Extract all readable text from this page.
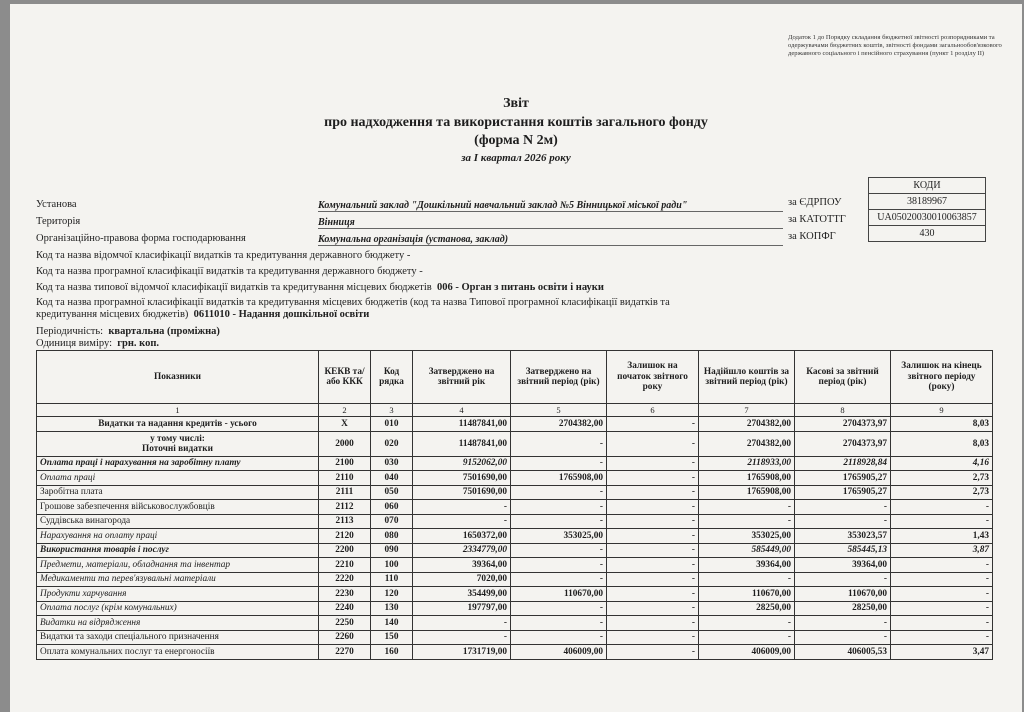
Додаток 1 до Порядку складання бюджетної звітності розпорядниками та одержувачами бюджетних коштів, звітності фондами загальнообов'язкового державного соціального і пенсійного страхування (пункт 1 розділу II)
Звіт
про надходження та використання коштів загального фонду
(форма N 2м)
за I квартал 2026 року
КОДИ
38189967
UA05020030010063857
430
за ЄДРПОУ
за КАТОТТГ
за КОПФГ
Установа	Комунальний заклад "Дошкільний навчальний заклад №5 Вінницької міської ради"
Територія	Вінниця
Організаційно-правова форма господарювання	Комунальна організація (установа, заклад)
Код та назва відомчої класифікації видатків та кредитування державного бюджету -
Код та назва програмної класифікації видатків та кредитування державного бюджету -
Код та назва типової відомчої класифікації видатків та кредитування місцевих бюджетів 006 - Орган з питань освіти і науки
Код та назва програмної класифікації видатків та кредитування місцевих бюджетів (код та назва Типової програмної класифікації видатків та
кредитування місцевих бюджетів) 0611010 - Надання дошкільної освіти
Періодичність: квартальна (проміжна)
Одиниця виміру: грн. коп.
Показники	КЕКВ та/або ККК	Код рядка	Затверджено на звітний рік	Затверджено на звітний період (рік)	Залишок на початок звітного року	Надійшло коштів за звітний період (рік)	Касові за звітний період (рік)	Залишок на кінець звітного періоду (року)
1	2	3	4	5	6	7	8	9
Видатки та надання кредитів - усього	X	010	11487841,00	2704382,00	-	2704382,00	2704373,97	8,03

у тому числі:
Поточні видатки	2000	020	11487841,00	-	-	2704382,00	2704373,97	8,03
Оплата праці і нарахування на заробітну плату	2100	030	9152062,00	-	-	2118933,00	2118928,84	4,16
Оплата праці	2110	040	7501690,00	1765908,00	-	1765908,00	1765905,27	2,73
Заробітна плата	2111	050	7501690,00	-	-	1765908,00	1765905,27	2,73
Грошове забезпечення військовослужбовців	2112	060	-	-	-	-	-	-
Суддівська винагорода	2113	070	-	-	-	-	-	-
Нарахування на оплату праці	2120	080	1650372,00	353025,00	-	353025,00	353023,57	1,43
Використання товарів і послуг	2200	090	2334779,00	-	-	585449,00	585445,13	3,87
Предмети, матеріали, обладнання та інвентар	2210	100	39364,00	-	-	39364,00	39364,00	-
Медикаменти та перев'язувальні матеріали	2220	110	7020,00	-	-	-	-	-
Продукти харчування	2230	120	354499,00	110670,00	-	110670,00	110670,00	-
Оплата послуг (крім комунальних)	2240	130	197797,00	-	-	28250,00	28250,00	-
Видатки на відрядження	2250	140	-	-	-	-	-	-
Видатки та заходи спеціального призначення	2260	150	-	-	-	-	-	-
Оплата комунальних послуг та енергоносіїв	2270	160	1731719,00	406009,00	-	406009,00	406005,53	3,47
